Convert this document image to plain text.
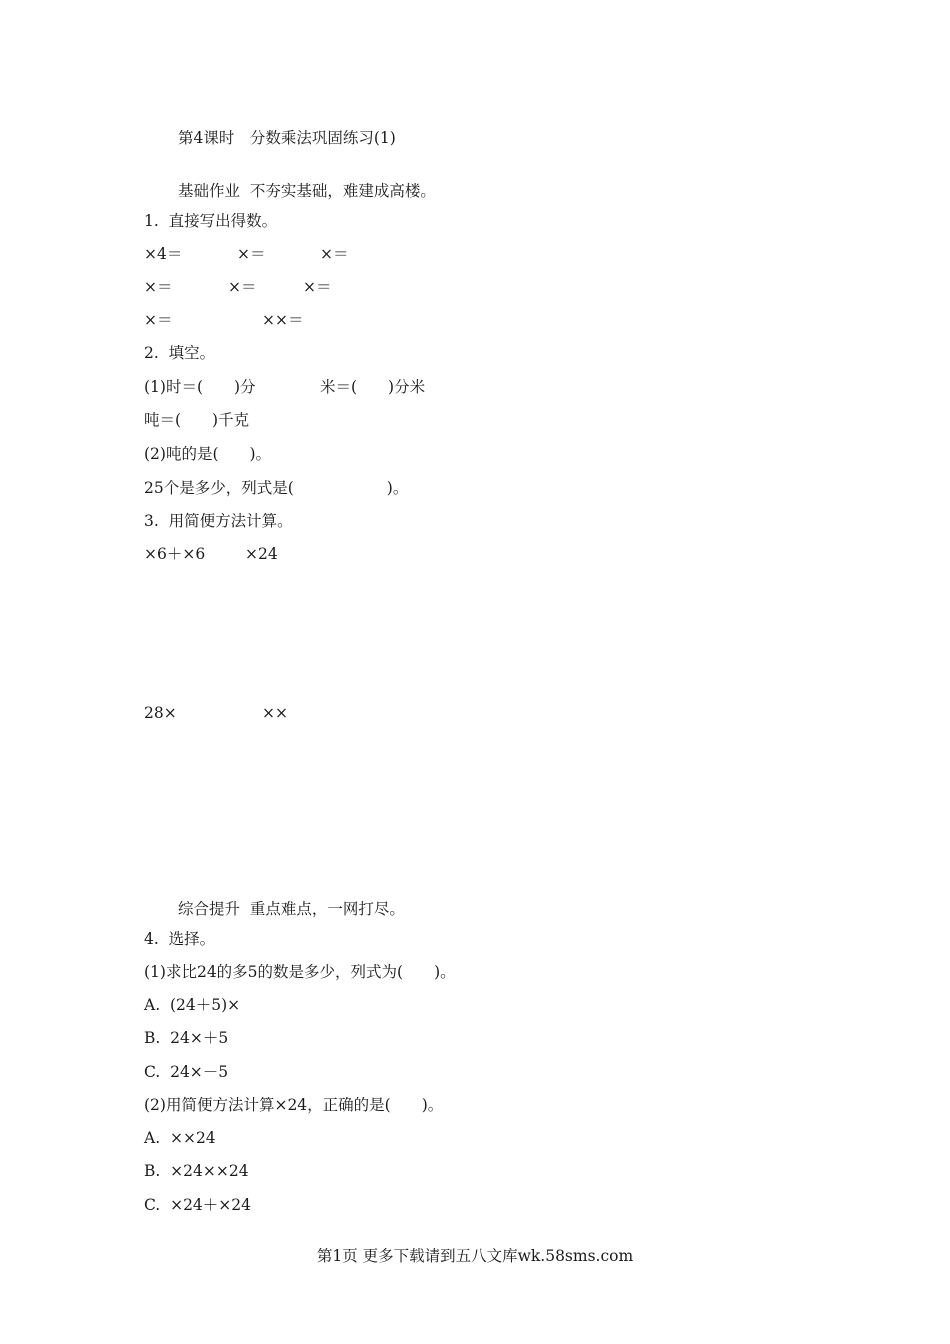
第4课时　分数乘法巩固练习(1)
基础作业  不夯实基础，难建成高楼。
1.  直接写出得数。
×4＝	×＝	×＝
×＝	×＝	×＝
×＝	××＝
2.  填空。
(1)时＝(　　)分	米＝(　　)分米
吨＝(　　)千克
(2)吨的是(　　)。
25个是多少，列式是(　　　　　　)。
3.  用简便方法计算。
×6＋×6	×24
28×	××
综合提升  重点难点，一网打尽。
4.  选择。
(1)求比24的多5的数是多少，列式为(　　)。
A.  (24＋5)×
B.  24×＋5
C.  24×－5
(2)用简便方法计算×24，正确的是(　　)。
A.  ××24
B.  ×24××24
C.  ×24＋×24
第1页 更多下载请到五八文库wk.58sms.com
